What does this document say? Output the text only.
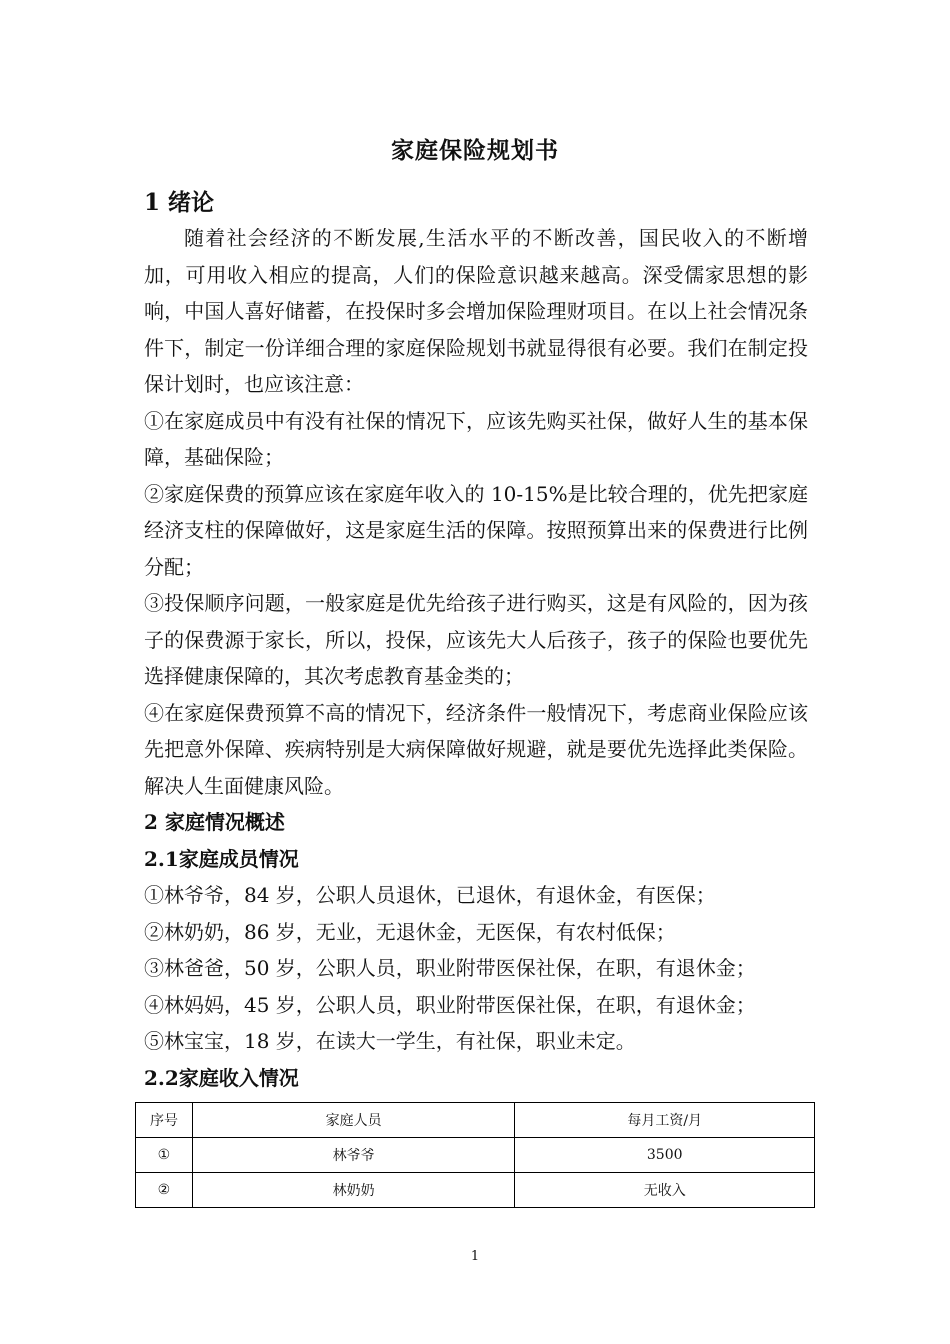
家庭保险规划书
1 绪论

随着社会经济的不断发展,生活水平的不断改善，国民收入的不断增加，可用收入相应的提高，人们的保险意识越来越高。深受儒家思想的影响，中国人喜好储蓄，在投保时多会增加保险理财项目。在以上社会情况条件下，制定一份详细合理的家庭保险规划书就显得很有必要。我们在制定投保计划时，也应该注意：

①在家庭成员中有没有社保的情况下，应该先购买社保，做好人生的基本保障，基础保险；

②家庭保费的预算应该在家庭年收入的 10-15%是比较合理的，优先把家庭经济支柱的保障做好，这是家庭生活的保障。按照预算出来的保费进行比例分配；

③投保顺序问题，一般家庭是优先给孩子进行购买，这是有风险的，因为孩子的保费源于家长，所以，投保，应该先大人后孩子，孩子的保险也要优先选择健康保障的，其次考虑教育基金类的；

④在家庭保费预算不高的情况下，经济条件一般情况下，考虑商业保险应该先把意外保障、疾病特别是大病保障做好规避，就是要优先选择此类保险。解决人生面健康风险。

2 家庭情况概述

2.1家庭成员情况

①林爷爷，84 岁，公职人员退休，已退休，有退休金，有医保；

②林奶奶，86 岁，无业，无退休金，无医保，有农村低保；

③林爸爸，50 岁，公职人员，职业附带医保社保，在职，有退休金；

④林妈妈，45 岁，公职人员，职业附带医保社保，在职，有退休金；

⑤林宝宝，18 岁，在读大一学生，有社保，职业未定。

2.2家庭收入情况

序号	家庭人员	每月工资/月
①	林爷爷	3500
②	林奶奶	无收入
1
